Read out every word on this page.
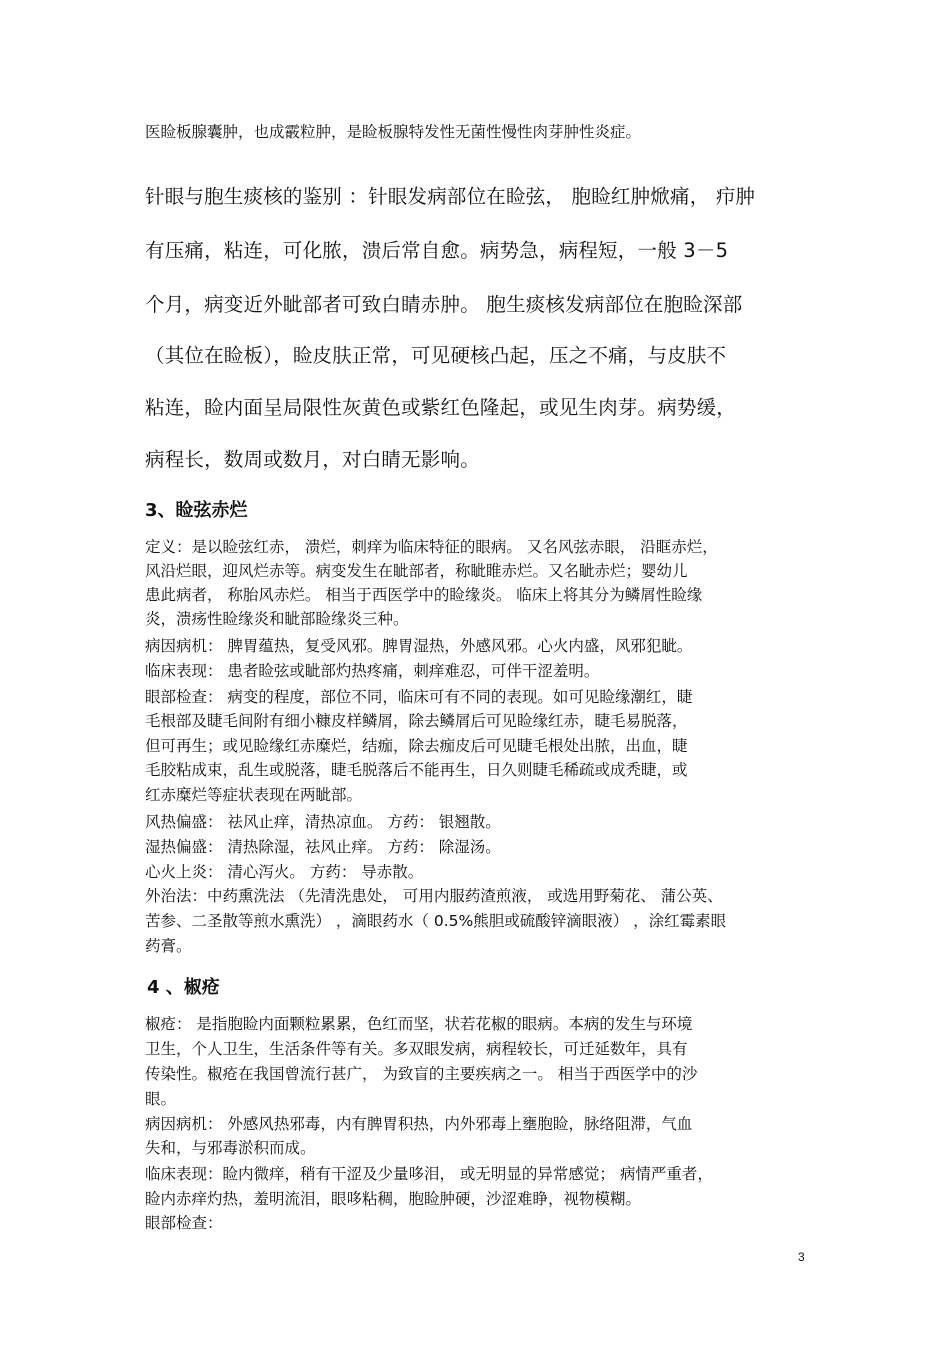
医睑板腺囊肿，也成霰粒肿，是睑板腺特发性无菌性慢性肉芽肿性炎症。

针眼与胞生痰核的鉴别 ：针眼发病部位在睑弦， 胞睑红肿焮痛， 疖肿

有压痛，粘连，可化脓，溃后常自愈。病势急，病程短，一般 3－5

个月，病变近外眦部者可致白睛赤肿。 胞生痰核发病部位在胞睑深部

（其位在睑板），睑皮肤正常，可见硬核凸起，压之不痛，与皮肤不

粘连，睑内面呈局限性灰黄色或紫红色隆起，或见生肉芽。病势缓，

病程长，数周或数月，对白睛无影响。

3、睑弦赤烂

定义：是以睑弦红赤， 溃烂，刺痒为临床特征的眼病。 又名风弦赤眼， 沿眶赤烂，

风沿烂眼，迎风烂赤等。病变发生在眦部者，称眦睢赤烂。又名眦赤烂；婴幼儿

患此病者， 称胎风赤烂。 相当于西医学中的睑缘炎。 临床上将其分为鳞屑性睑缘

炎，溃疡性睑缘炎和眦部睑缘炎三种。

病因病机： 脾胃蕴热，复受风邪。脾胃湿热，外感风邪。心火内盛，风邪犯眦。

临床表现： 患者睑弦或眦部灼热疼痛，刺痒难忍，可伴干涩羞明。

眼部检查： 病变的程度，部位不同，临床可有不同的表现。如可见睑缘潮红，睫

毛根部及睫毛间附有细小糠皮样鳞屑，除去鳞屑后可见睑缘红赤，睫毛易脱落，

但可再生；或见睑缘红赤糜烂，结痂，除去痂皮后可见睫毛根处出脓，出血，睫

毛胶粘成束，乱生或脱落，睫毛脱落后不能再生，日久则睫毛稀疏或成秃睫，或

红赤糜烂等症状表现在两眦部。

风热偏盛： 祛风止痒，清热凉血。 方药： 银翘散。

湿热偏盛： 清热除湿，祛风止痒。 方药： 除湿汤。

心火上炎： 清心泻火。 方药： 导赤散。

外治法：中药熏洗法 （先清洗患处， 可用内服药渣煎液， 或选用野菊花、 蒲公英、

苦参、二圣散等煎水熏洗） ，滴眼药水（ 0.5%熊胆或硫酸锌滴眼液） ，涂红霉素眼

药膏。

4 、椒疮

椒疮： 是指胞睑内面颗粒累累，色红而坚，状若花椒的眼病。本病的发生与环境

卫生，个人卫生，生活条件等有关。多双眼发病，病程较长，可迁延数年，具有

传染性。椒疮在我国曾流行甚广， 为致盲的主要疾病之一。 相当于西医学中的沙

眼。

病因病机： 外感风热邪毒，内有脾胃积热，内外邪毒上壅胞睑，脉络阻滞，气血

失和，与邪毒淤积而成。

临床表现：睑内微痒，稍有干涩及少量哆泪， 或无明显的异常感觉； 病情严重者，

睑内赤痒灼热，羞明流泪，眼哆粘稠，胞睑肿硬，沙涩难睁，视物模糊。

眼部检查：

3
